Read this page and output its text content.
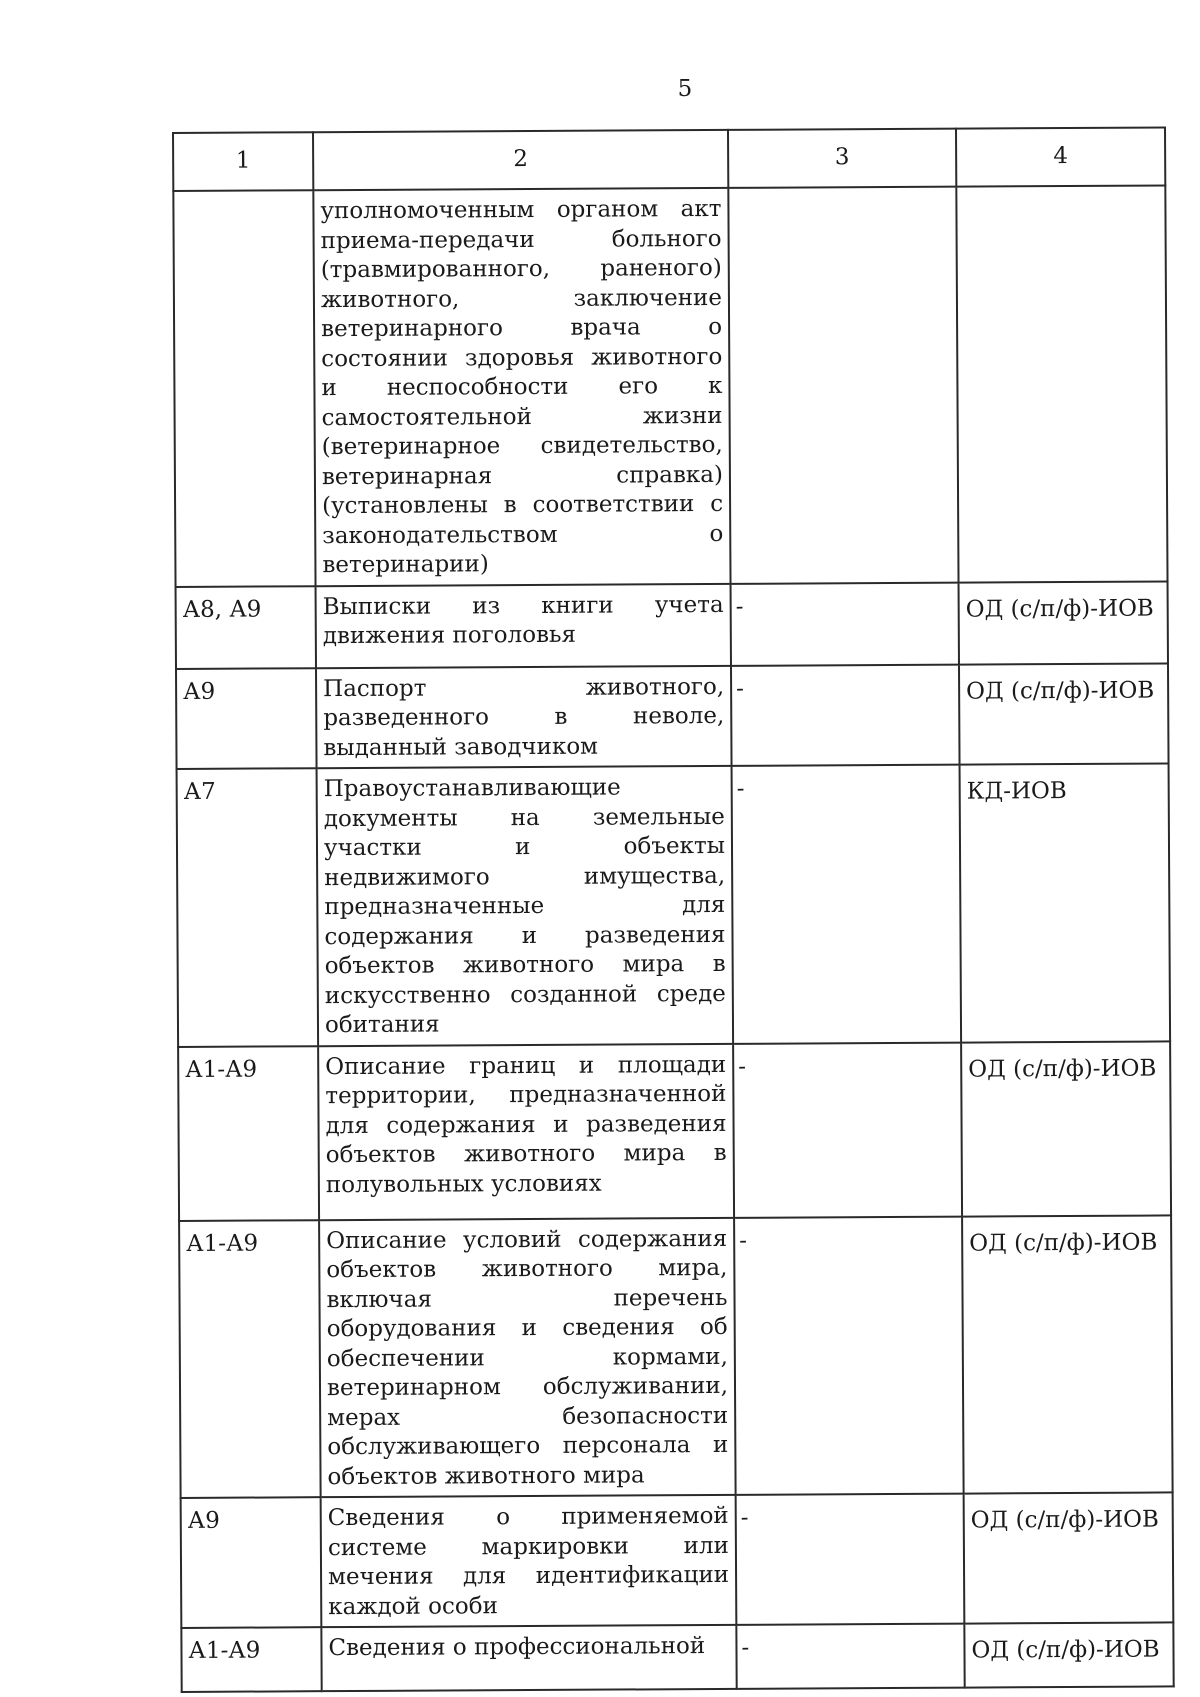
5
1	2	3	4
	уполномоченным органом акт приема-передачи больного (травмированного, раненого) животного, заключение ветеринарного врача о состоянии здоровья животного и неспособности его к самостоятельной жизни (ветеринарное свидетельство, ветеринарная справка) (установлены в соответствии с законодательством о ветеринарии)		
А8, А9	Выписки из книги учета движения поголовья	-	ОД (с/п/ф)-ИОВ
А9	Паспорт животного, разведенного в неволе, выданный заводчиком	-	ОД (с/п/ф)-ИОВ
А7	Правоустанавливающие документы на земельные участки и объекты недвижимого имущества, предназначенные для содержания и разведения объектов животного мира в искусственно созданной среде обитания	-	КД-ИОВ
А1-А9	Описание границ и площади территории, предназначенной для содержания и разведения объектов животного мира в полувольных условиях	-	ОД (с/п/ф)-ИОВ
А1-А9	Описание условий содержания объектов животного мира, включая перечень оборудования и сведения об обеспечении кормами, ветеринарном обслуживании, мерах безопасности обслуживающего персонала и объектов животного мира	-	ОД (с/п/ф)-ИОВ
А9	Сведения о применяемой системе маркировки или мечения для идентификации каждой особи	-	ОД (с/п/ф)-ИОВ
А1-А9	Сведения о профессиональной	-	ОД (с/п/ф)-ИОВ
